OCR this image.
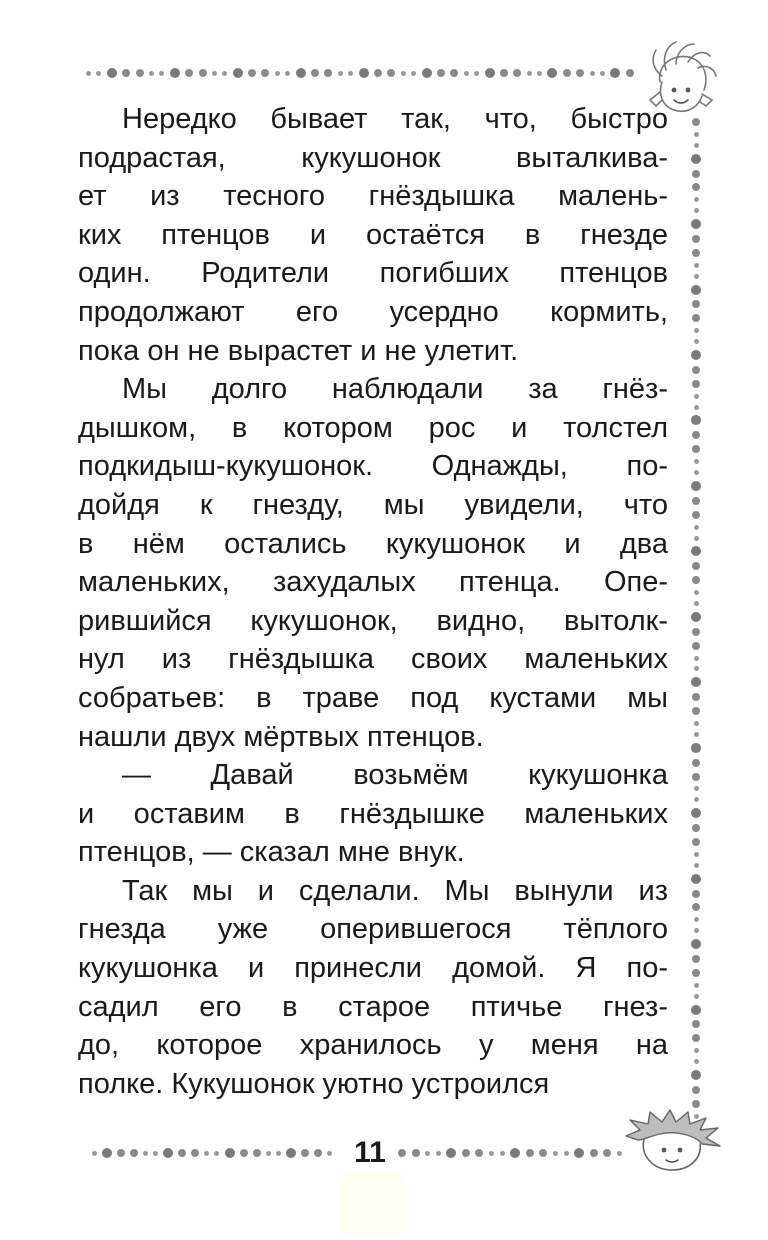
Нередко бывает так, что, быстро
подрастая, кукушонок выталкива-
ет из тесного гнёздышка малень-
ких птенцов и остаётся в гнезде
один. Родители погибших птенцов
продолжают его усердно кормить,
пока он не вырастет и не улетит.
Мы долго наблюдали за гнёз-
дышком, в котором рос и толстел
подкидыш-кукушонок. Однажды, по-
дойдя к гнезду, мы увидели, что
в нём остались кукушонок и два
маленьких, захудалых птенца. Опе-
рившийся кукушонок, видно, вытолк-
нул из гнёздышка своих маленьких
собратьев: в траве под кустами мы
нашли двух мёртвых птенцов.
— Давай возьмём кукушонка
и оставим в гнёздышке маленьких
птенцов, — сказал мне внук.
Так мы и сделали. Мы вынули из
гнезда уже оперившегося тёплого
кукушонка и принесли домой. Я по-
садил его в старое птичье гнез-
до, которое хранилось у меня на
полке. Кукушонок уютно устроился
11
